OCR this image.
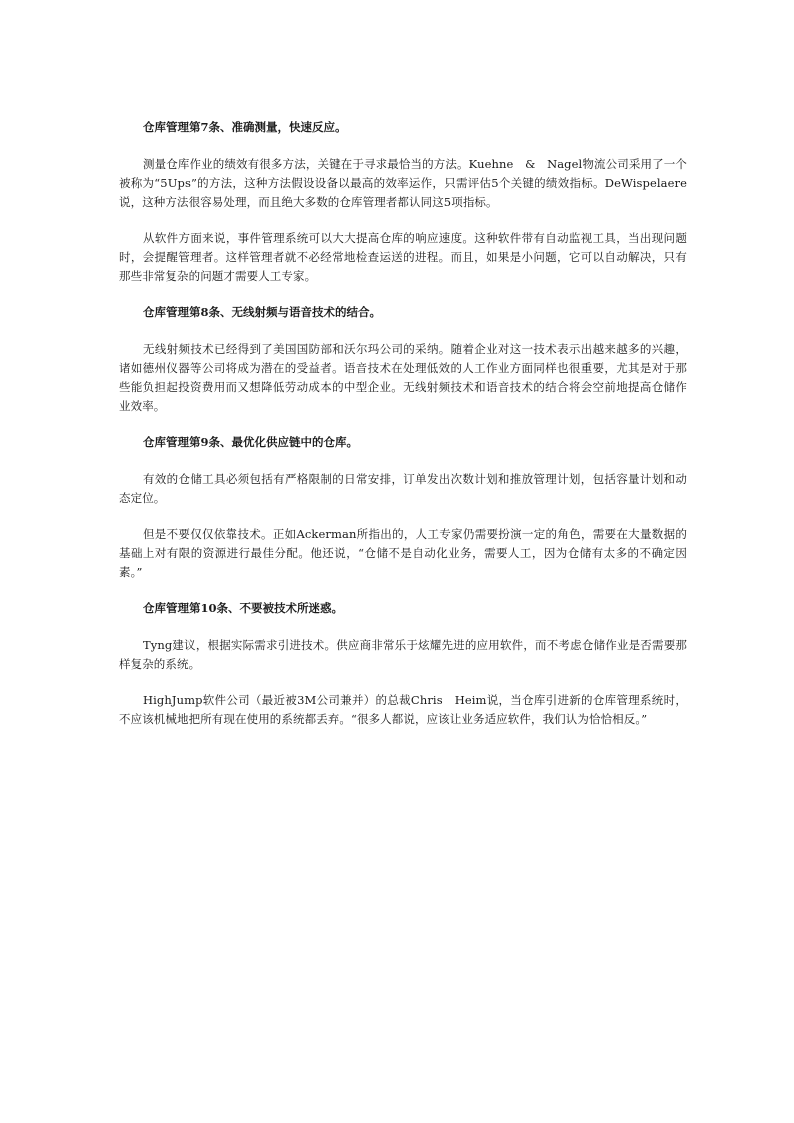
仓库管理第7条、准确测量，快速反应。

测量仓库作业的绩效有很多方法，关键在于寻求最恰当的方法。Kuehne　&　Nagel物流公司采用了一个被称为“5Ups”的方法，这种方法假设设备以最高的效率运作，只需评估5个关键的绩效指标。DeWispelaere说，这种方法很容易处理，而且绝大多数的仓库管理者都认同这5项指标。

从软件方面来说，事件管理系统可以大大提高仓库的响应速度。这种软件带有自动监视工具，当出现问题时，会提醒管理者。这样管理者就不必经常地检查运送的进程。而且，如果是小问题，它可以自动解决，只有那些非常复杂的问题才需要人工专家。

仓库管理第8条、无线射频与语音技术的结合。

无线射频技术已经得到了美国国防部和沃尔玛公司的采纳。随着企业对这一技术表示出越来越多的兴趣，诸如德州仪器等公司将成为潜在的受益者。语音技术在处理低效的人工作业方面同样也很重要，尤其是对于那些能负担起投资费用而又想降低劳动成本的中型企业。无线射频技术和语音技术的结合将会空前地提高仓储作业效率。

仓库管理第9条、最优化供应链中的仓库。

有效的仓储工具必须包括有严格限制的日常安排，订单发出次数计划和推放管理计划，包括容量计划和动态定位。

但是不要仅仅依靠技术。正如Ackerman所指出的，人工专家仍需要扮演一定的角色，需要在大量数据的基础上对有限的资源进行最佳分配。他还说，“仓储不是自动化业务，需要人工，因为仓储有太多的不确定因素。”

仓库管理第10条、不要被技术所迷惑。

Tyng建议，根据实际需求引进技术。供应商非常乐于炫耀先进的应用软件，而不考虑仓储作业是否需要那样复杂的系统。

HighJump软件公司（最近被3M公司兼并）的总裁Chris　Heim说，当仓库引进新的仓库管理系统时，不应该机械地把所有现在使用的系统都丢弃。“很多人都说，应该让业务适应软件，我们认为恰恰相反。”
